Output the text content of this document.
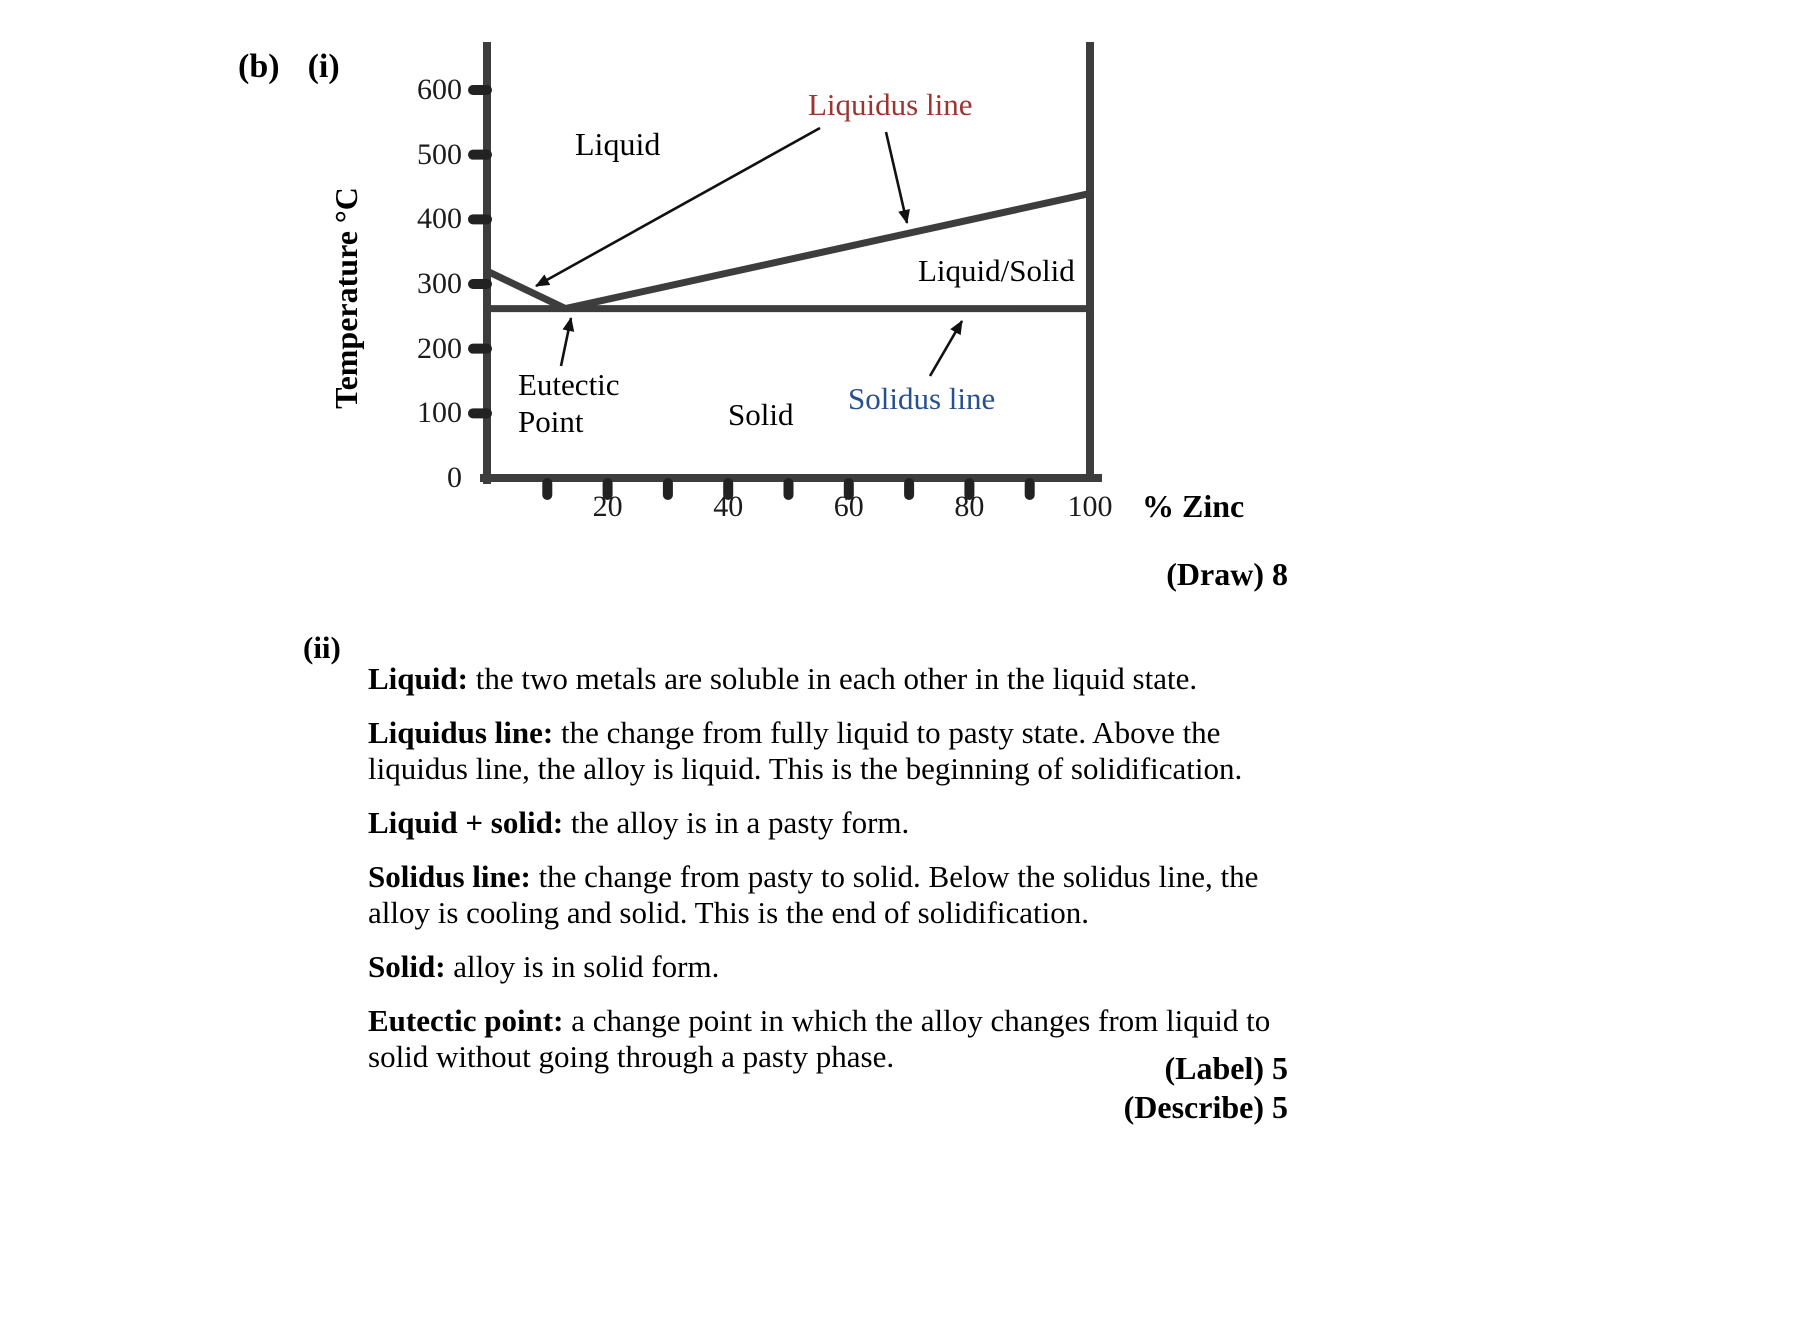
(b) (i)
Temperature °C
% Zinc
0
100
200
300
400
500
600
20	40	60	80	100
Liquid
Liquidus line
Liquid/Solid
Eutectic
Point	Solid Solidus line
(Draw) 8
(Label) 5
(Describe) 5
(ii)

Liquid: the two metals are soluble in each other in the liquid state.

Liquidus line: the change from fully liquid to pasty state. Above the liquidus line, the alloy is liquid. This is the beginning of solidification.

Liquid + solid: the alloy is in a pasty form.

Solidus line: the change from pasty to solid. Below the solidus line, the alloy is cooling and solid. This is the end of solidification.

Solid: alloy is in solid form.

Eutectic point: a change point in which the alloy changes from liquid to solid without going through a pasty phase.
